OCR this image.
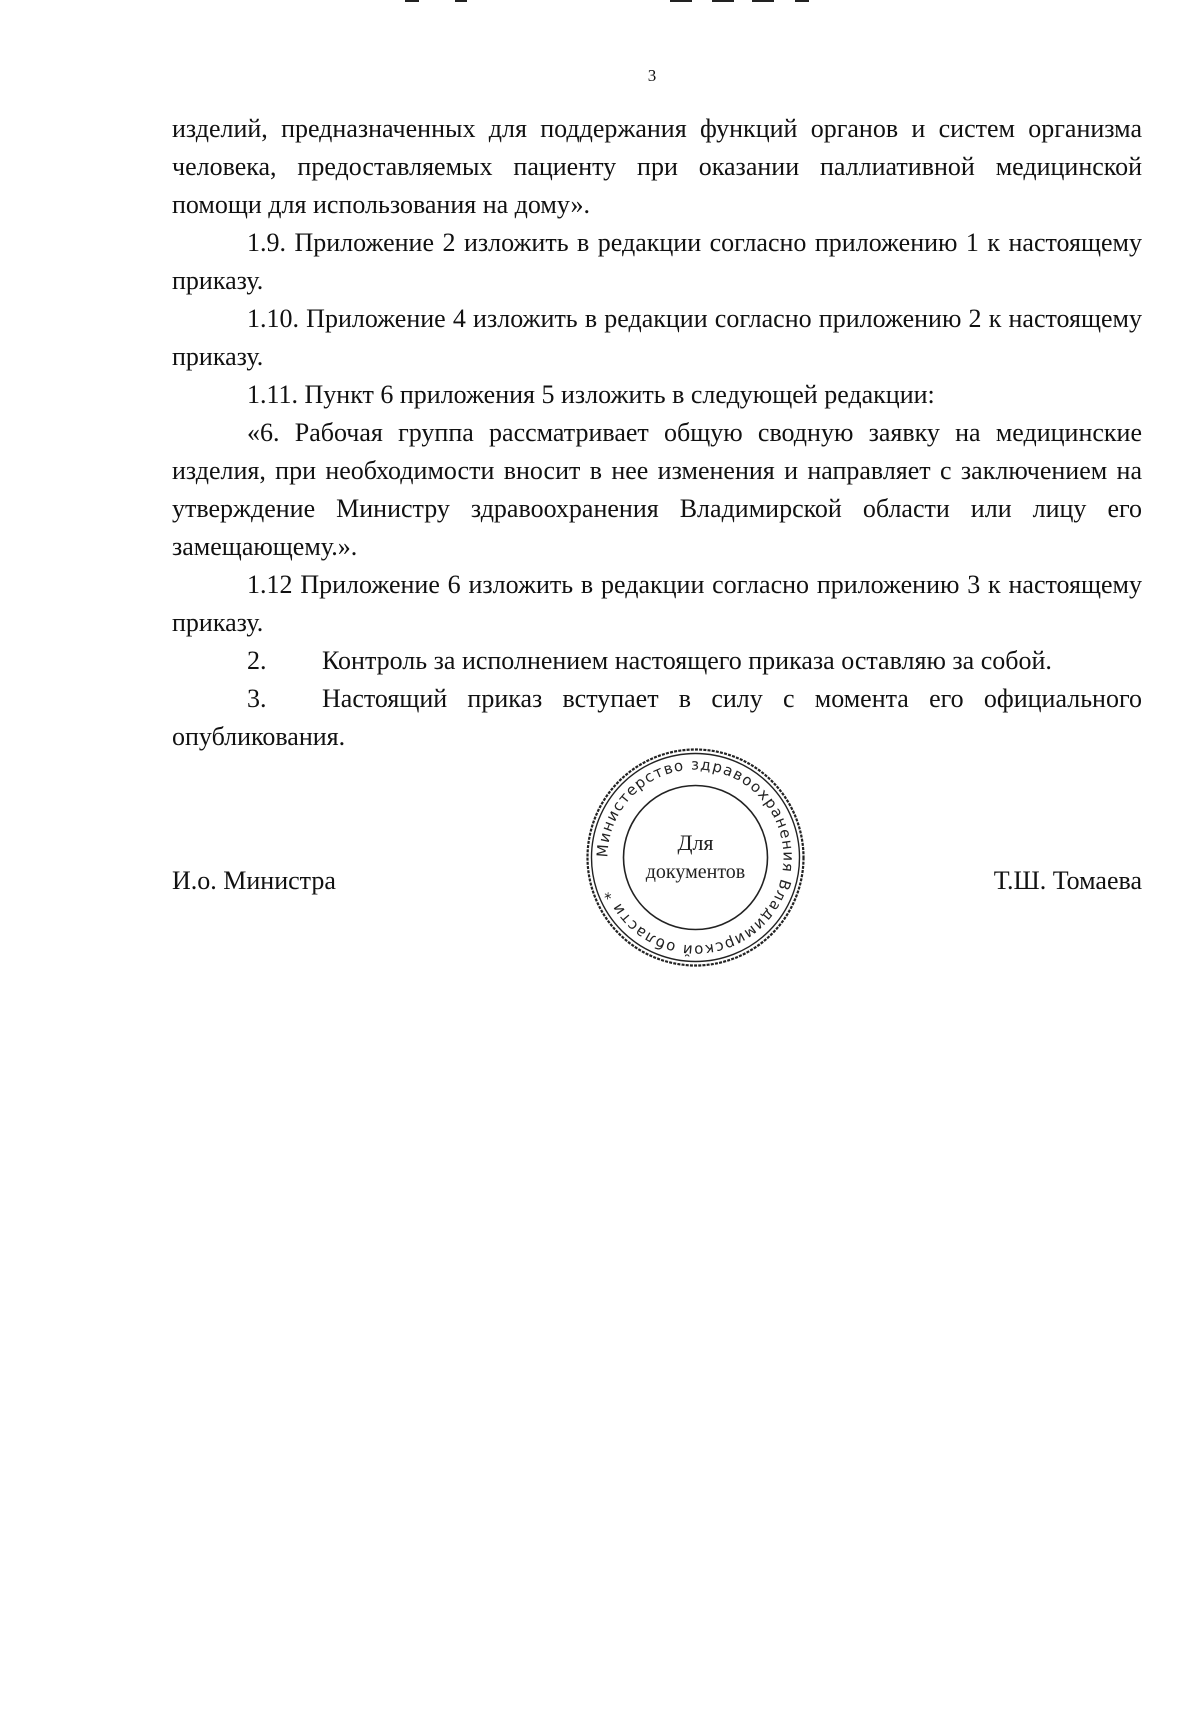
3

изделий, предназначенных для поддержания функций органов и систем организма человека, предоставляемых пациенту при оказании паллиативной медицинской помощи для использования на дому».

1.9. Приложение 2 изложить в редакции согласно приложению 1 к настоящему приказу.

1.10. Приложение 4 изложить в редакции согласно приложению 2 к настоящему приказу.

1.11. Пункт 6 приложения 5 изложить в следующей редакции:

«6. Рабочая группа рассматривает общую сводную заявку на медицинские изделия, при необходимости вносит в нее изменения и направляет с заключением на утверждение Министру здравоохранения Владимирской области или лицу его замещающему.».

1.12 Приложение 6 изложить в редакции согласно приложению 3 к настоящему приказу.

2.	Контроль за исполнением настоящего приказа оставляю за собой.

3. Настоящий приказ вступает в силу с момента его официального опубликования.

Министерство здравоохранения Владимирской области *
Для
документов
И.о. Министра	Т.Ш. Томаева
